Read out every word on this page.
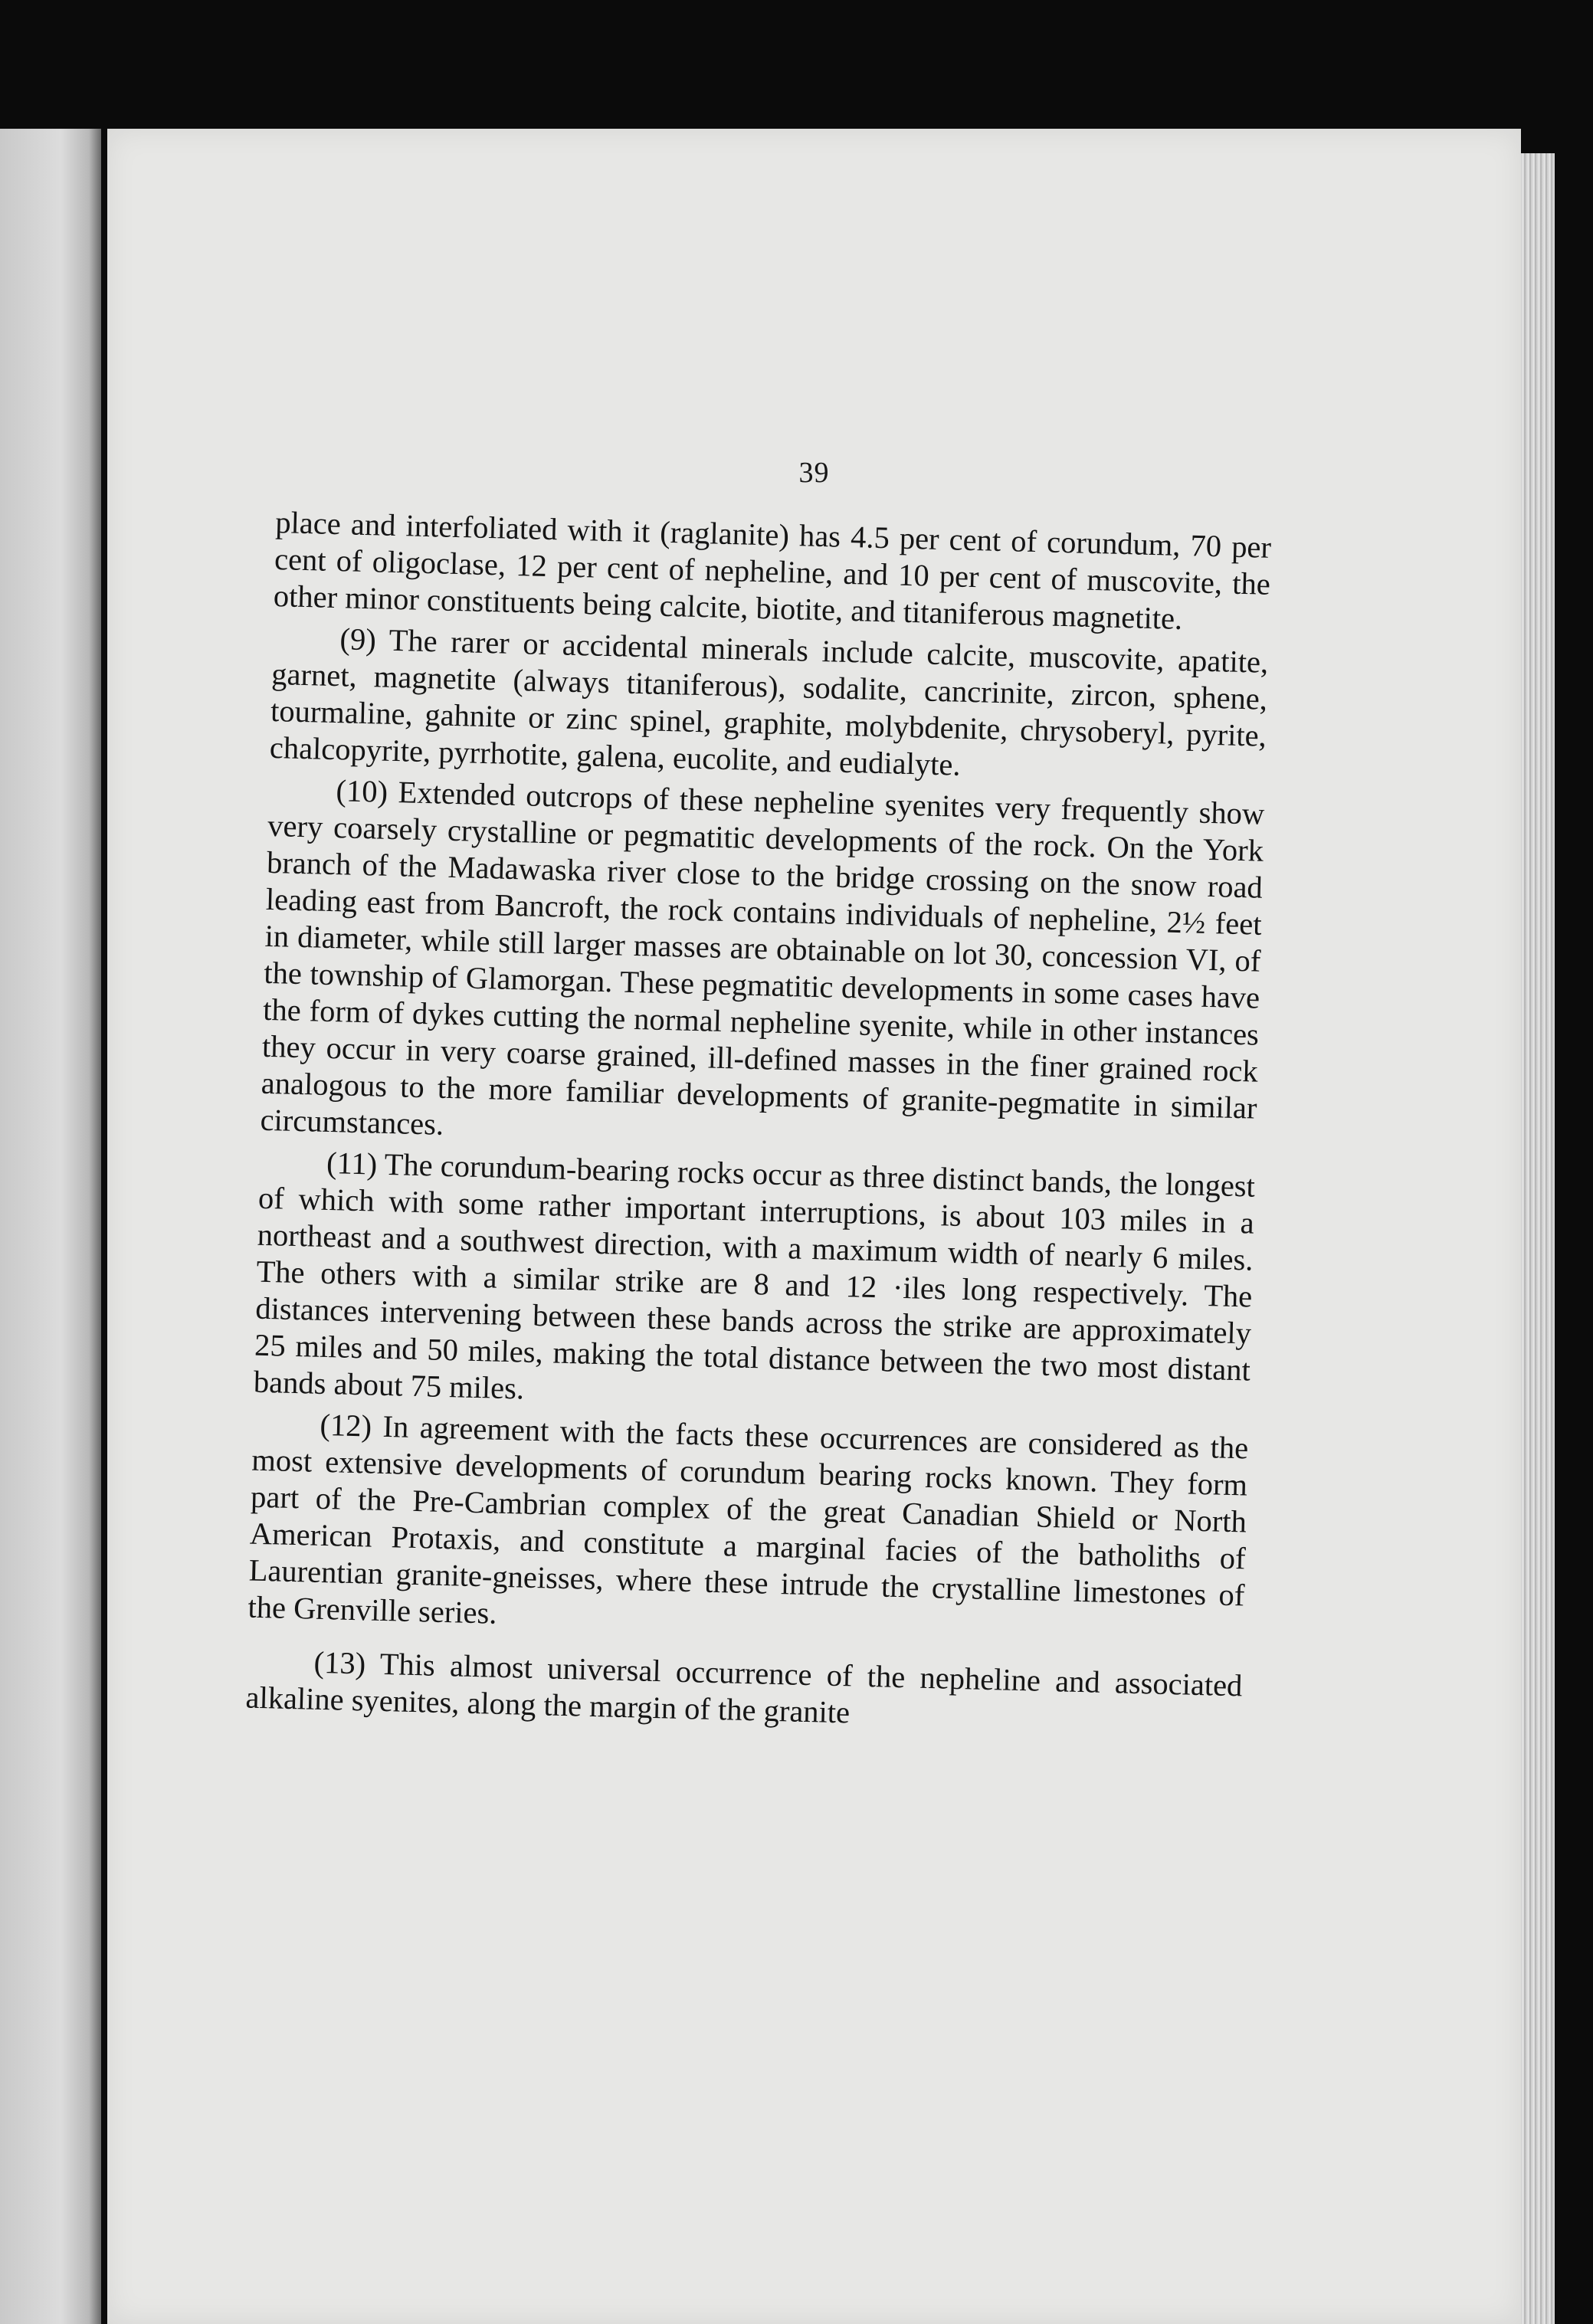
39

place and interfoliated with it (raglanite) has 4.5 per cent of corundum, 70 per cent of oligoclase, 12 per cent of nepheline, and 10 per cent of muscovite, the other minor constituents being calcite, biotite, and titaniferous magnetite.

(9) The rarer or accidental minerals include calcite, muscovite, apatite, garnet, magnetite (always titaniferous), sodalite, cancrinite, zircon, sphene, tourmaline, gahnite or zinc spinel, graphite, molybdenite, chrysoberyl, pyrite, chalcopyrite, pyrrhotite, galena, eucolite, and eudialyte.

(10) Extended outcrops of these nepheline syenites very frequently show very coarsely crystalline or pegmatitic developments of the rock. On the York branch of the Madawaska river close to the bridge crossing on the snow road leading east from Bancroft, the rock contains individuals of nepheline, 2½ feet in diameter, while still larger masses are obtainable on lot 30, concession VI, of the township of Glamorgan. These pegmatitic developments in some cases have the form of dykes cutting the normal nepheline syenite, while in other instances they occur in very coarse grained, ill-defined masses in the finer grained rock analogous to the more familiar developments of granite-pegmatite in similar circumstances.

(11) The corundum-bearing rocks occur as three distinct bands, the longest of which with some rather important interruptions, is about 103 miles in a northeast and a southwest direction, with a maximum width of nearly 6 miles. The others with a similar strike are 8 and 12 ·iles long respectively. The distances intervening between these bands across the strike are approximately 25 miles and 50 miles, making the total distance between the two most distant bands about 75 miles.

(12) In agreement with the facts these occurrences are considered as the most extensive developments of corundum bearing rocks known. They form part of the Pre-Cambrian complex of the great Canadian Shield or North American Protaxis, and constitute a marginal facies of the batholiths of Laurentian granite-gneisses, where these intrude the crystalline limestones of the Grenville series.

(13) This almost universal occurrence of the nepheline and associated alkaline syenites, along the margin of the granite
